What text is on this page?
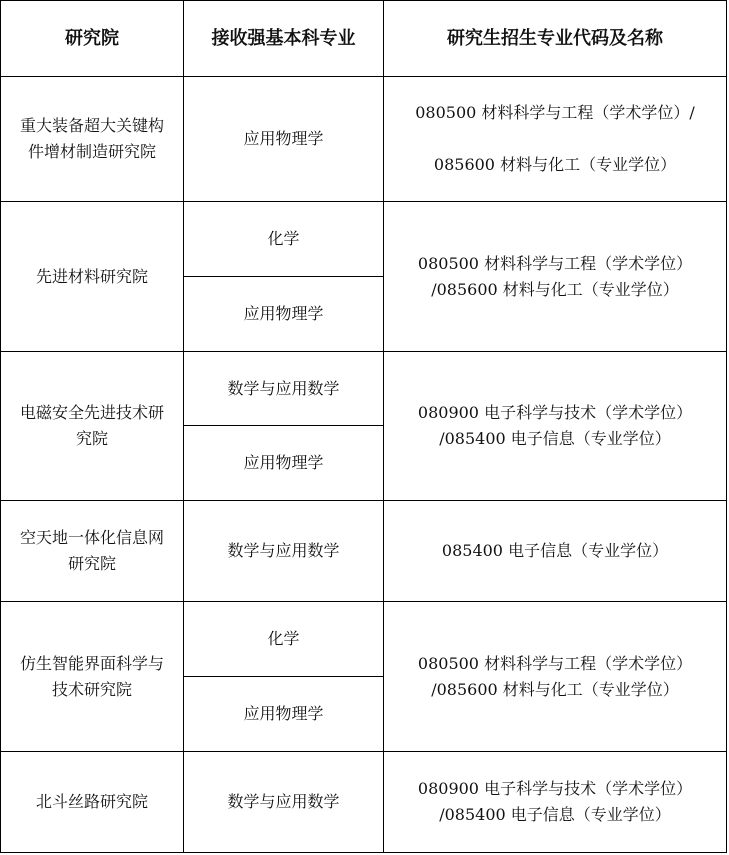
研究院	接收强基本科专业	研究生招生专业代码及名称

重大装备超大关键构
件增材制造研究院	应用物理学	080500 材料科学与工程（学术学位）/
085600 材料与化工（专业学位）

先进材料研究院	化学	080500 材料科学与工程（学术学位）
/085600 材料与化工（专业学位）

	应用物理学	

电磁安全先进技术研
究院	数学与应用数学	080900 电子科学与技术（学术学位）
/085400 电子信息（专业学位）

	应用物理学	

空天地一体化信息网
研究院	数学与应用数学	085400 电子信息（专业学位）

仿生智能界面科学与
技术研究院	化学	080500 材料科学与工程（学术学位）
/085600 材料与化工（专业学位）

	应用物理学	

北斗丝路研究院	数学与应用数学	080900 电子科学与技术（学术学位）
/085400 电子信息（专业学位）
